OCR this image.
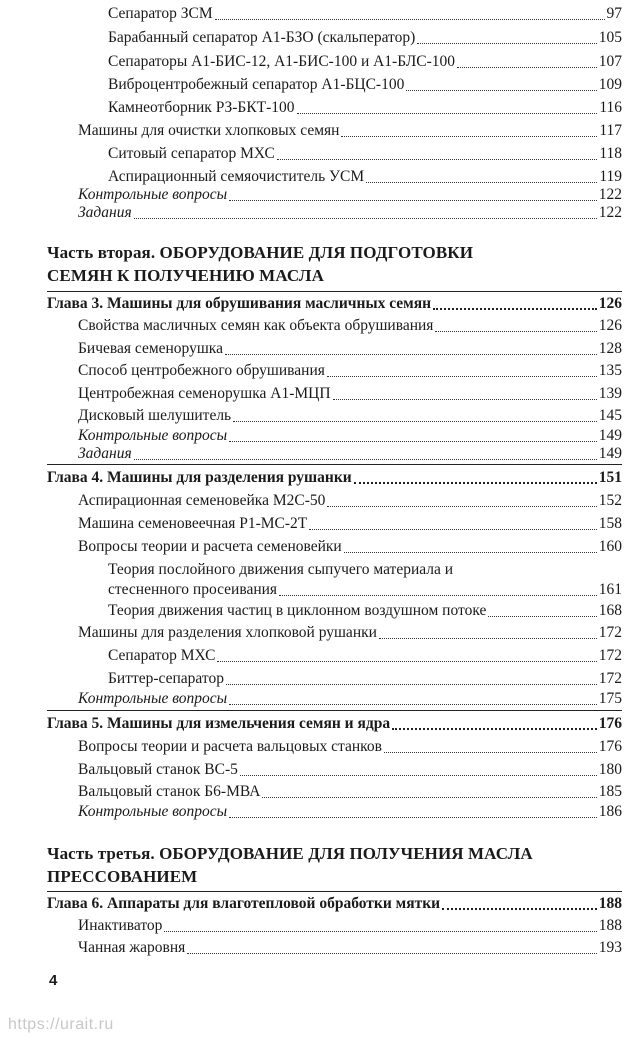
Сепаратор ЗСМ	97
Барабанный сепаратор А1-БЗО (скальператор)	105
Сепараторы А1-БИС-12, А1-БИС-100 и А1-БЛС-100	107
Виброцентробежный сепаратор А1-БЦС-100	109
Камнеотборник РЗ-БКТ-100	116
Машины для очистки хлопковых семян	117
Ситовый сепаратор МХС	118
Аспирационный семяочиститель УСМ	119
Контрольные вопросы	122
Задания	122
Часть вторая. ОБОРУДОВАНИЕ ДЛЯ ПОДГОТОВКИ
СЕМЯН К ПОЛУЧЕНИЮ МАСЛА
Глава 3. Машины для обрушивания масличных семян	126
Свойства масличных семян как объекта обрушивания	126
Бичевая семенорушка	128
Способ центробежного обрушивания	135
Центробежная семенорушка А1-МЦП	139
Дисковый шелушитель	145
Контрольные вопросы	149
Задания	149
Глава 4. Машины для разделения рушанки	151
Аспирационная семеновейка М2С-50	152
Машина семеновеечная Р1-МС-2Т	158
Вопросы теории и расчета семеновейки	160
Теория послойного движения сыпучего материала и
стесненного просеивания	161
Теория движения частиц в циклонном воздушном потоке	168
Машины для разделения хлопковой рушанки	172
Сепаратор МХС	172
Биттер-сепаратор	172
Контрольные вопросы	175
Глава 5. Машины для измельчения семян и ядра	176
Вопросы теории и расчета вальцовых станков	176
Вальцовый станок ВС-5	180
Вальцовый станок Б6-МВА	185
Контрольные вопросы	186
Часть третья. ОБОРУДОВАНИЕ ДЛЯ ПОЛУЧЕНИЯ МАСЛА
ПРЕССОВАНИЕМ
Глава 6. Аппараты для влаготепловой обработки мятки	188
Инактиватор	188
Чанная жаровня	193
4
https://urait.ru
